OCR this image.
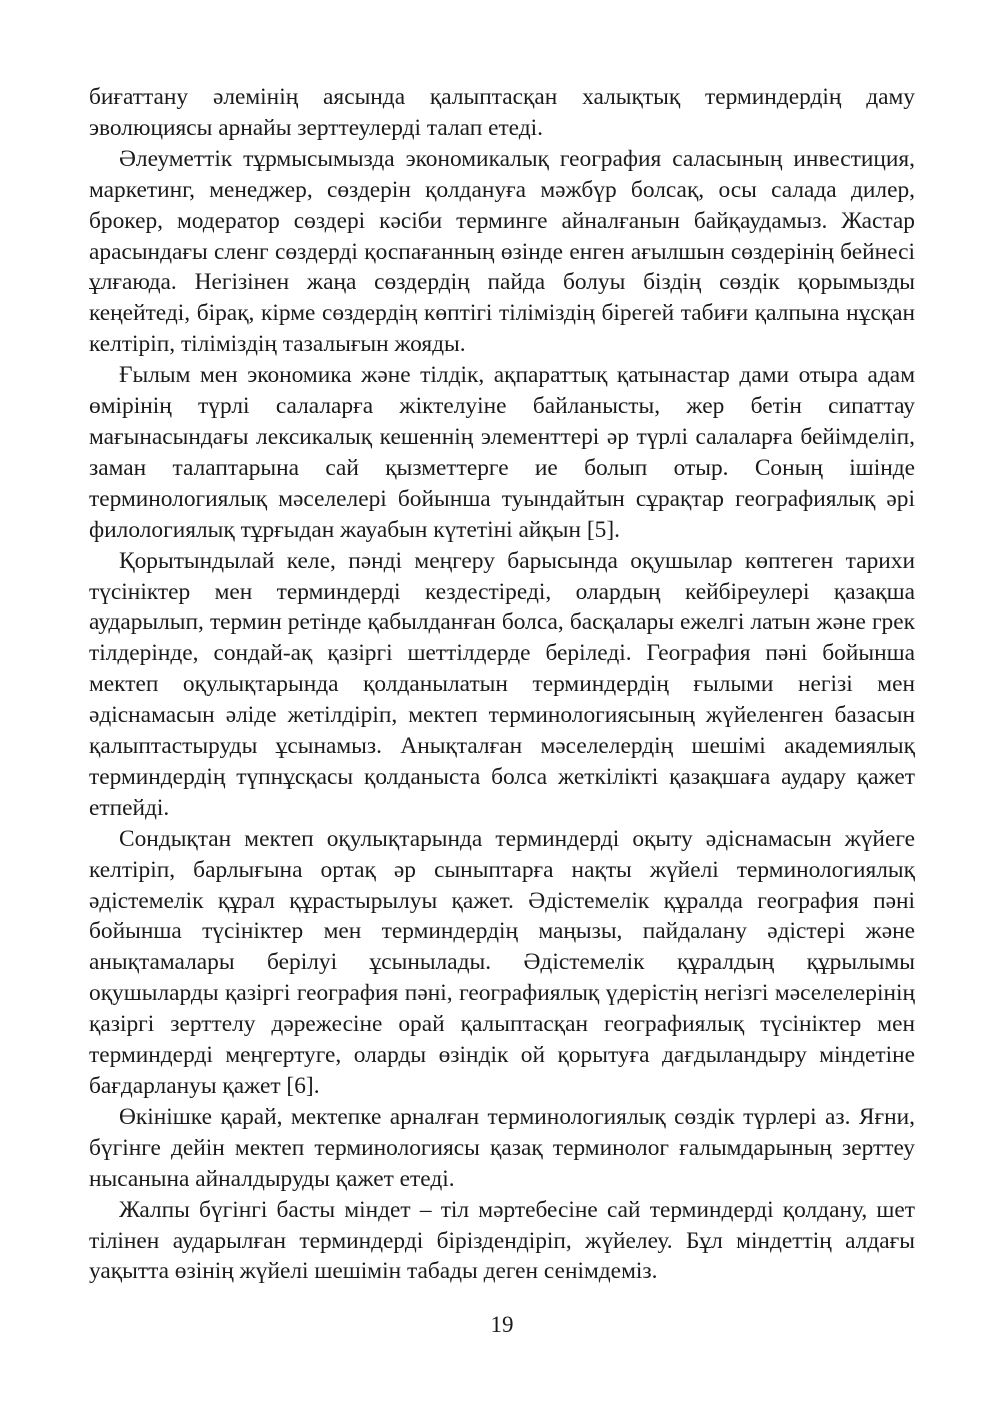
биғаттану әлемінің аясында қалыптасқан халықтық терминдердің даму эволюциясы арнайы зерттеулерді талап етеді.

Әлеуметтік тұрмысымызда экономикалық география саласының инвестиция, маркетинг, менеджер, сөздерін қолдануға мәжбүр болсақ, осы салада дилер, брокер, модератор сөздері кәсіби терминге айналғанын байқаудамыз. Жастар арасындағы сленг сөздерді қоспағанның өзінде енген ағылшын сөздерінің бейнесі ұлғаюда. Негізінен жаңа сөздердің пайда болуы біздің сөздік қорымызды кеңейтеді, бірақ, кірме сөздердің көптігі тіліміздің бірегей табиғи қалпына нұсқан келтіріп, тіліміздің тазалығын жояды.

Ғылым мен экономика және тілдік, ақпараттық қатынастар дами отыра адам өмірінің түрлі салаларға жіктелуіне байланысты, жер бетін сипаттау мағынасындағы лексикалық кешеннің элементтері әр түрлі салаларға бейімделіп, заман талаптарына сай қызметтерге ие болып отыр. Соның ішінде терминологиялық мәселелері бойынша туындайтын сұрақтар географиялық әрі филологиялық тұрғыдан жауабын күтетіні айқын [5].

Қорытындылай келе, пәнді меңгеру барысында оқушылар көптеген тарихи түсініктер мен терминдерді кездестіреді, олардың кейбіреулері қазақша аударылып, термин ретінде қабылданған болса, басқалары ежелгі латын және грек тілдерінде, сондай-ақ қазіргі шеттілдерде беріледі. География пәні бойынша мектеп оқулықтарында қолданылатын терминдердің ғылыми негізі мен әдіснамасын әліде жетілдіріп, мектеп терминологиясының жүйеленген базасын қалыптастыруды ұсынамыз. Анықталған мәселелердің шешімі академиялық терминдердің түпнұсқасы қолданыста болса жеткілікті қазақшаға аудару қажет етпейді.

Сондықтан мектеп оқулықтарында терминдерді оқыту әдіснамасын жүйеге келтіріп, барлығына ортақ әр сыныптарға нақты жүйелі терминологиялық әдістемелік құрал құрастырылуы қажет. Әдістемелік құралда география пәні бойынша түсініктер мен терминдердің маңызы, пайдалану әдістері және анықтамалары берілуі ұсынылады. Әдістемелік құралдың құрылымы оқушыларды қазіргі география пәні, географиялық үдерістің негізгі мәселелерінің қазіргі зерттелу дәрежесіне орай қалыптасқан географиялық түсініктер мен терминдерді меңгертуге, оларды өзіндік ой қорытуға дағдыландыру міндетіне бағдарлануы қажет [6].

Өкінішке қарай, мектепке арналған терминологиялық сөздік түрлері аз. Яғни, бүгінге дейін мектеп терминологиясы қазақ терминолог ғалымдарының зерттеу нысанына айналдыруды қажет етеді.

Жалпы бүгінгі басты міндет – тіл мәртебесіне сай терминдерді қолдану, шет тілінен аударылған терминдерді біріздендіріп, жүйелеу. Бұл міндеттің алдағы уақытта өзінің жүйелі шешімін табады деген сенімдеміз.

19
